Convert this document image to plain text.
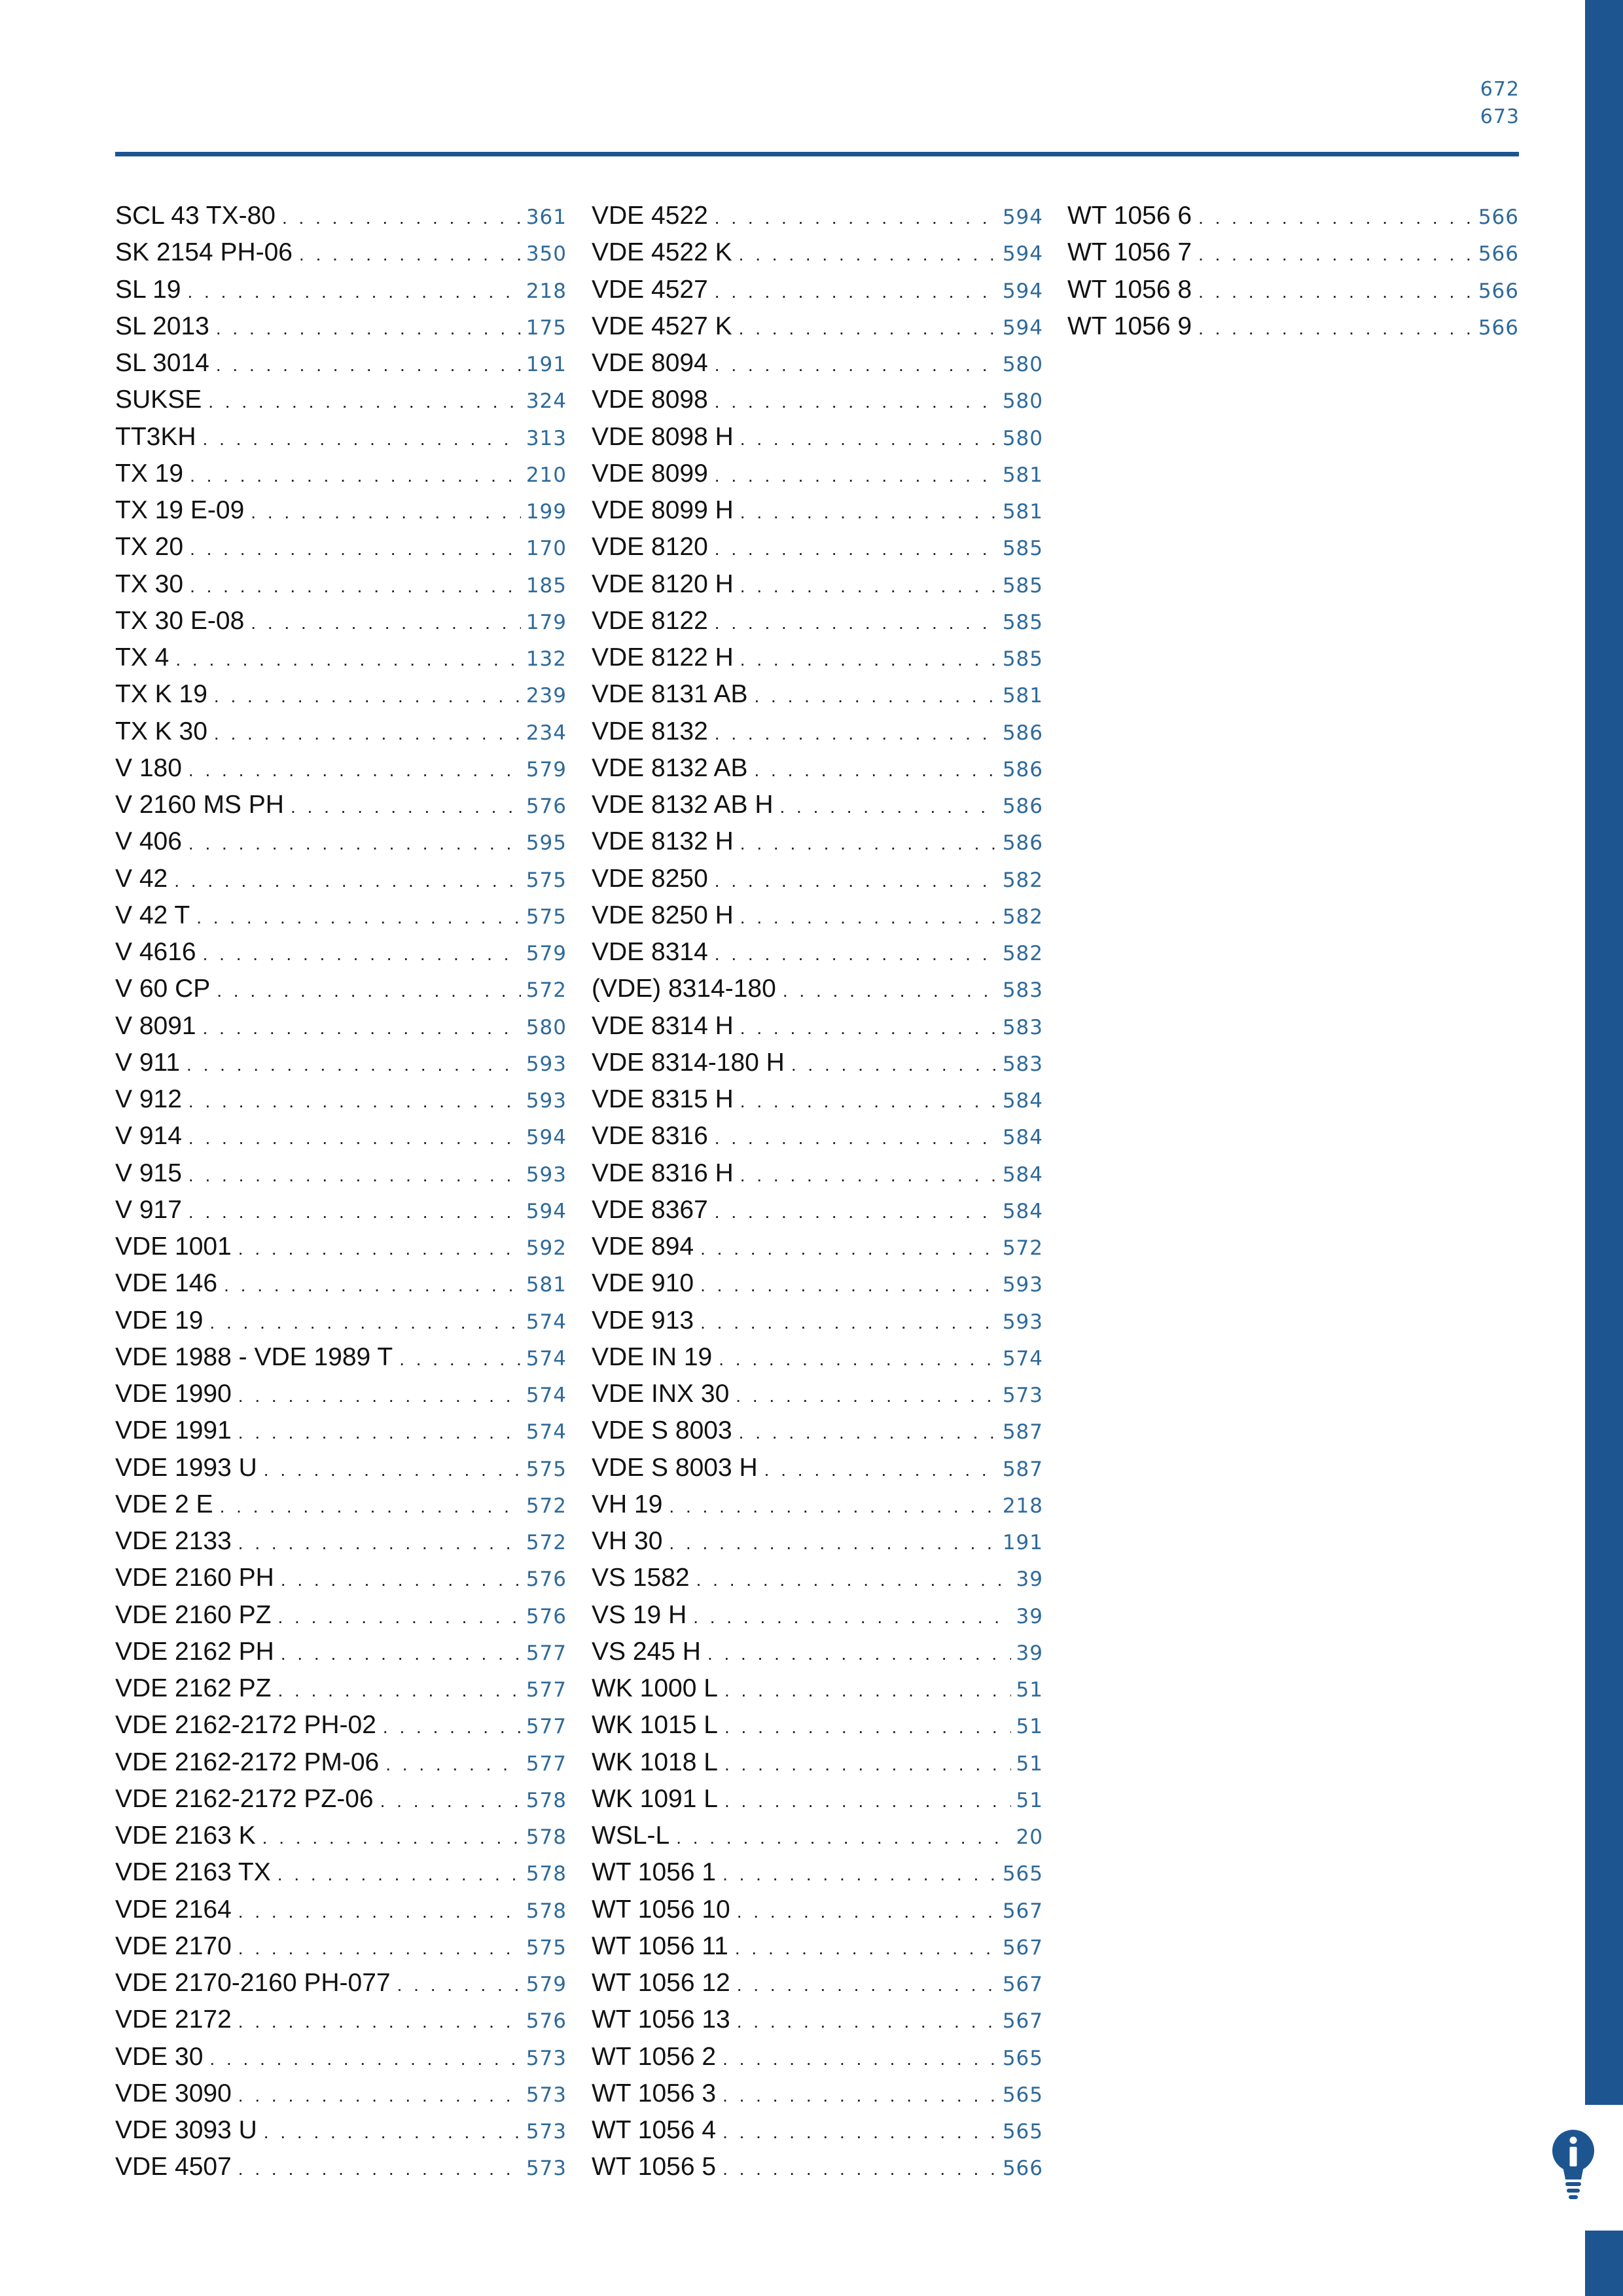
672
673
SCL 43 TX-80 . . .	361
SK 2154 PH-06 . . .	350
SL 19 . . .	218
SL 2013 . . .	175
SL 3014 . . .	191
SUKSE . . .	324
TT3KH . . .	313
TX 19 . . .	210
TX 19 E-09 . . .	199
TX 20 . . .	170
TX 30 . . .	185
TX 30 E-08 . . .	179
TX 4 . . .	132
TX K 19 . . .	239
TX K 30 . . .	234
V 180 . . .	579
V 2160 MS PH . . .	576
V 406 . . .	595
V 42 . . .	575
V 42 T . . .	575
V 4616 . . .	579
V 60 CP . . .	572
V 8091 . . .	580
V 911 . . .	593
V 912 . . .	593
V 914 . . .	594
V 915 . . .	593
V 917 . . .	594
VDE 1001 . . .	592
VDE 146 . . .	581
VDE 19 . . .	574
VDE 1988 - VDE 1989 T . . .	574
VDE 1990 . . .	574
VDE 1991 . . .	574
VDE 1993 U . . .	575
VDE 2 E . . .	572
VDE 2133 . . .	572
VDE 2160 PH . . .	576
VDE 2160 PZ . . .	576
VDE 2162 PH . . .	577
VDE 2162 PZ . . .	577
VDE 2162-2172 PH-02 . . .	577
VDE 2162-2172 PM-06 . . .	577
VDE 2162-2172 PZ-06 . . .	578
VDE 2163 K . . .	578
VDE 2163 TX . . .	578
VDE 2164 . . .	578
VDE 2170 . . .	575
VDE 2170-2160 PH-077 . . .	579
VDE 2172 . . .	576
VDE 30 . . .	573
VDE 3090 . . .	573
VDE 3093 U . . .	573
VDE 4507 . . .	573
VDE 4522 . . .	594
VDE 4522 K . . .	594
VDE 4527 . . .	594
VDE 4527 K . . .	594
VDE 8094 . . .	580
VDE 8098 . . .	580
VDE 8098 H . . .	580
VDE 8099 . . .	581
VDE 8099 H . . .	581
VDE 8120 . . .	585
VDE 8120 H . . .	585
VDE 8122 . . .	585
VDE 8122 H . . .	585
VDE 8131 AB . . .	581
VDE 8132 . . .	586
VDE 8132 AB . . .	586
VDE 8132 AB H . . .	586
VDE 8132 H . . .	586
VDE 8250 . . .	582
VDE 8250 H . . .	582
VDE 8314 . . .	582
(VDE) 8314-180 . . .	583
VDE 8314 H . . .	583
VDE 8314-180 H . . .	583
VDE 8315 H . . .	584
VDE 8316 . . .	584
VDE 8316 H . . .	584
VDE 8367 . . .	584
VDE 894 . . .	572
VDE 910 . . .	593
VDE 913 . . .	593
VDE IN 19 . . .	574
VDE INX 30 . . .	573
VDE S 8003 . . .	587
VDE S 8003 H . . .	587
VH 19 . . .	218
VH 30 . . .	191
VS 1582 . . .	39
VS 19 H . . .	39
VS 245 H . . .	39
WK 1000 L . . .	51
WK 1015 L . . .	51
WK 1018 L . . .	51
WK 1091 L . . .	51
WSL-L . . .	20
WT 1056 1 . . .	565
WT 1056 10 . . .	567
WT 1056 11 . . .	567
WT 1056 12 . . .	567
WT 1056 13 . . .	567
WT 1056 2 . . .	565
WT 1056 3 . . .	565
WT 1056 4 . . .	565
WT 1056 5 . . .	566
WT 1056 6 . . .	566
WT 1056 7 . . .	566
WT 1056 8 . . .	566
WT 1056 9 . . .	566
